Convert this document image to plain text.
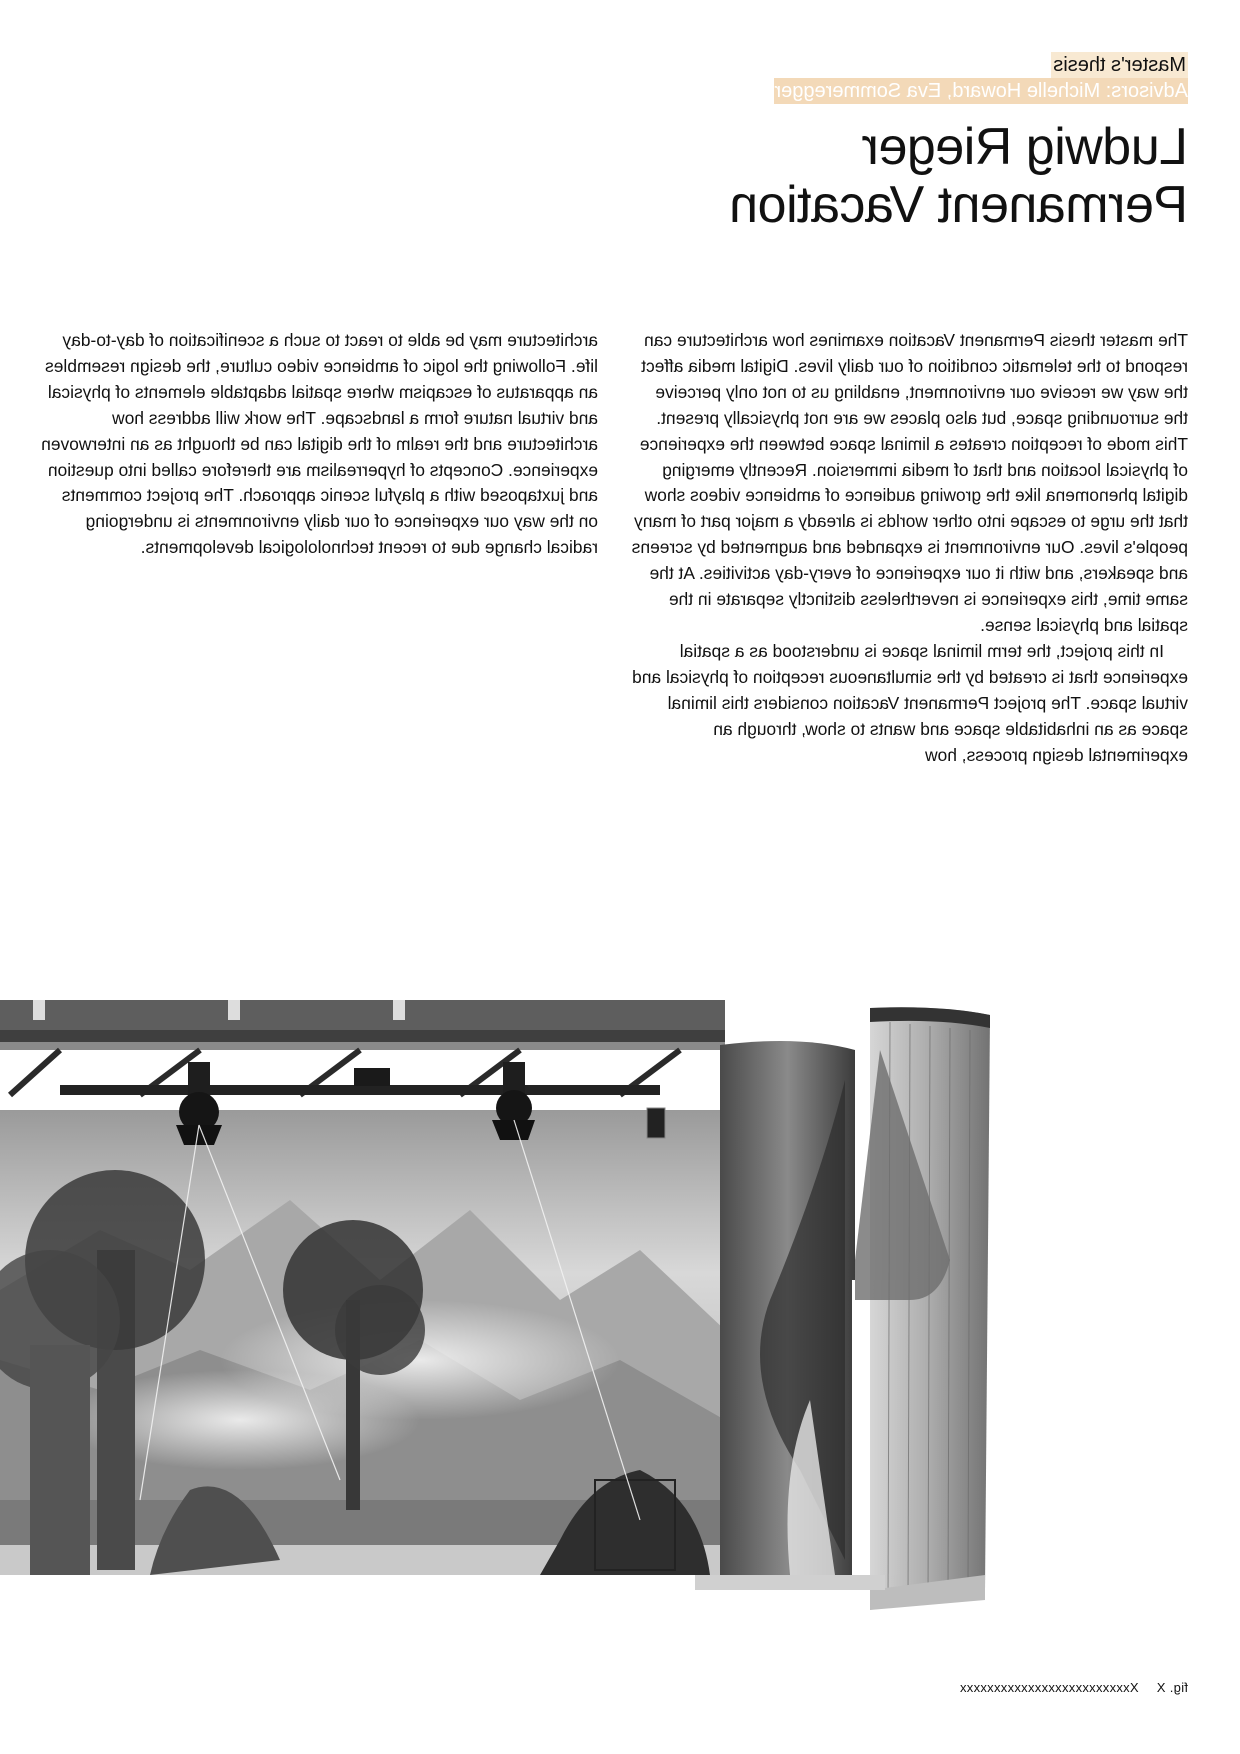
Master's thesis
Advisors: Michelle Howard, Eva Sommeregger
Ludwig Rieger
Permanent Vacation

The master thesis Permanent Vacation examines how architecture can respond to the telematic condition of our daily lives. Digital media affect the way we receive our environment, enabling us to not only perceive the surrounding space, but also places we are not physically present. This mode of reception creates a liminal space between the experience of physical location and that of media immersion. Recently emerging digital phenomena like the growing audience of ambience videos show that the urge to escape into other worlds is already a major part of many people's lives. Our environment is expanded and augmented by screens and speakers, and with it our experience of every-day activities. At the same time, this experience is nevertheless distinctly separate in the spatial and physical sense.

In this project, the term liminal space is understood as a spatial experience that is created by the simultaneous reception of physical and virtual space. The project Permanent Vacation considers this liminal space as an inhabitable space and wants to show, through an experimental design process, how

architecture may be able to react to such a scenification of day-to-day life. Following the logic of ambience video culture, the design resembles an apparatus of escapism where spatial adaptable elements of physical and virtual nature form a landscape. The work will address how architecture and the realm of the digital can be thought as an interwoven experience. Concepts of hyperrealism are therefore called into question and juxtaposed with a playful scenic approach. The project comments on the way our experience of our daily environments is undergoing radical change due to recent technolological developments.

fig. X Xxxxxxxxxxxxxxxxxxxxxxxxxx
